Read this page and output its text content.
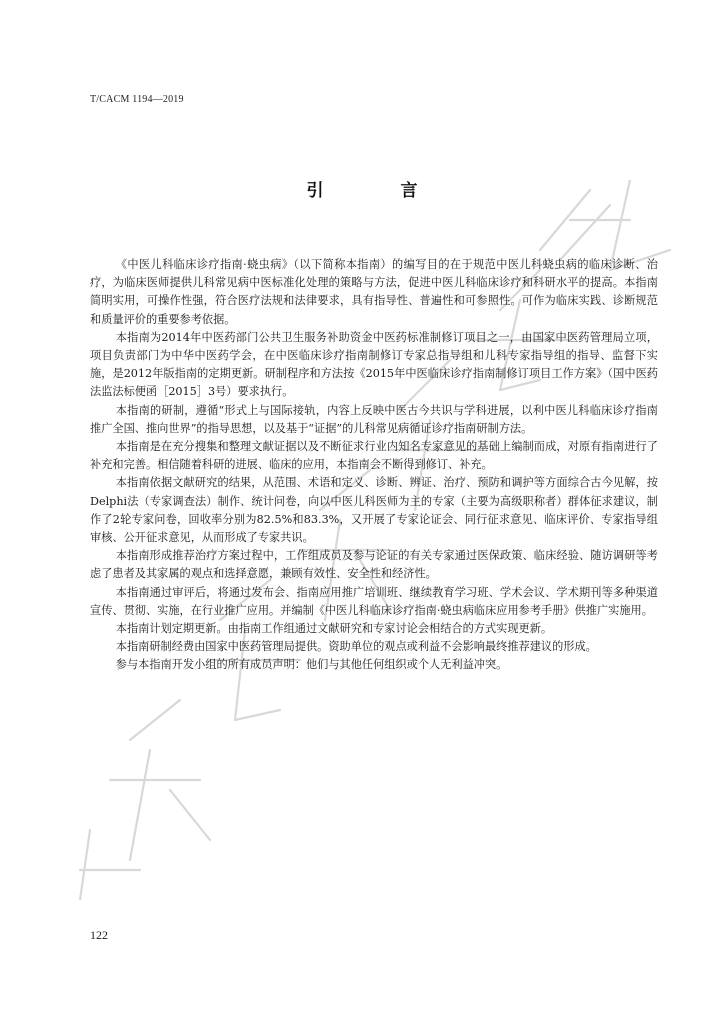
T/CACM 1194—2019
引　言

《中医儿科临床诊疗指南·蛲虫病》（以下简称本指南）的编写目的在于规范中医儿科蛲虫病的临床诊断、治疗，为临床医师提供儿科常见病中医标准化处理的策略与方法，促进中医儿科临床诊疗和科研水平的提高。本指南简明实用，可操作性强，符合医疗法规和法律要求，具有指导性、普遍性和可参照性。可作为临床实践、诊断规范和质量评价的重要参考依据。

本指南为2014年中医药部门公共卫生服务补助资金中医药标准制修订项目之一，由国家中医药管理局立项，项目负责部门为中华中医药学会，在中医临床诊疗指南制修订专家总指导组和儿科专家指导组的指导、监督下实施，是2012年版指南的定期更新。研制程序和方法按《2015年中医临床诊疗指南制修订项目工作方案》（国中医药法监法标便函［2015］3号）要求执行。

本指南的研制，遵循“形式上与国际接轨，内容上反映中医古今共识与学科进展，以利中医儿科临床诊疗指南推广全国、推向世界”的指导思想，以及基于“证据”的儿科常见病循证诊疗指南研制方法。

本指南是在充分搜集和整理文献证据以及不断征求行业内知名专家意见的基础上编制而成，对原有指南进行了补充和完善。相信随着科研的进展、临床的应用，本指南会不断得到修订、补充。

本指南依据文献研究的结果，从范围、术语和定义、诊断、辨证、治疗、预防和调护等方面综合古今见解，按Delphi法（专家调查法）制作、统计问卷，向以中医儿科医师为主的专家（主要为高级职称者）群体征求建议，制作了2轮专家问卷，回收率分别为82.5%和83.3%，又开展了专家论证会、同行征求意见、临床评价、专家指导组审核、公开征求意见，从而形成了专家共识。

本指南形成推荐治疗方案过程中，工作组成员及参与论证的有关专家通过医保政策、临床经验、随访调研等考虑了患者及其家属的观点和选择意愿，兼顾有效性、安全性和经济性。

本指南通过审评后，将通过发布会、指南应用推广培训班、继续教育学习班、学术会议、学术期刊等多种渠道宣传、贯彻、实施，在行业推广应用。并编制《中医儿科临床诊疗指南·蛲虫病临床应用参考手册》供推广实施用。

本指南计划定期更新。由指南工作组通过文献研究和专家讨论会相结合的方式实现更新。

本指南研制经费由国家中医药管理局提供。资助单位的观点或利益不会影响最终推荐建议的形成。

参与本指南开发小组的所有成员声明：他们与其他任何组织或个人无利益冲突。

122
